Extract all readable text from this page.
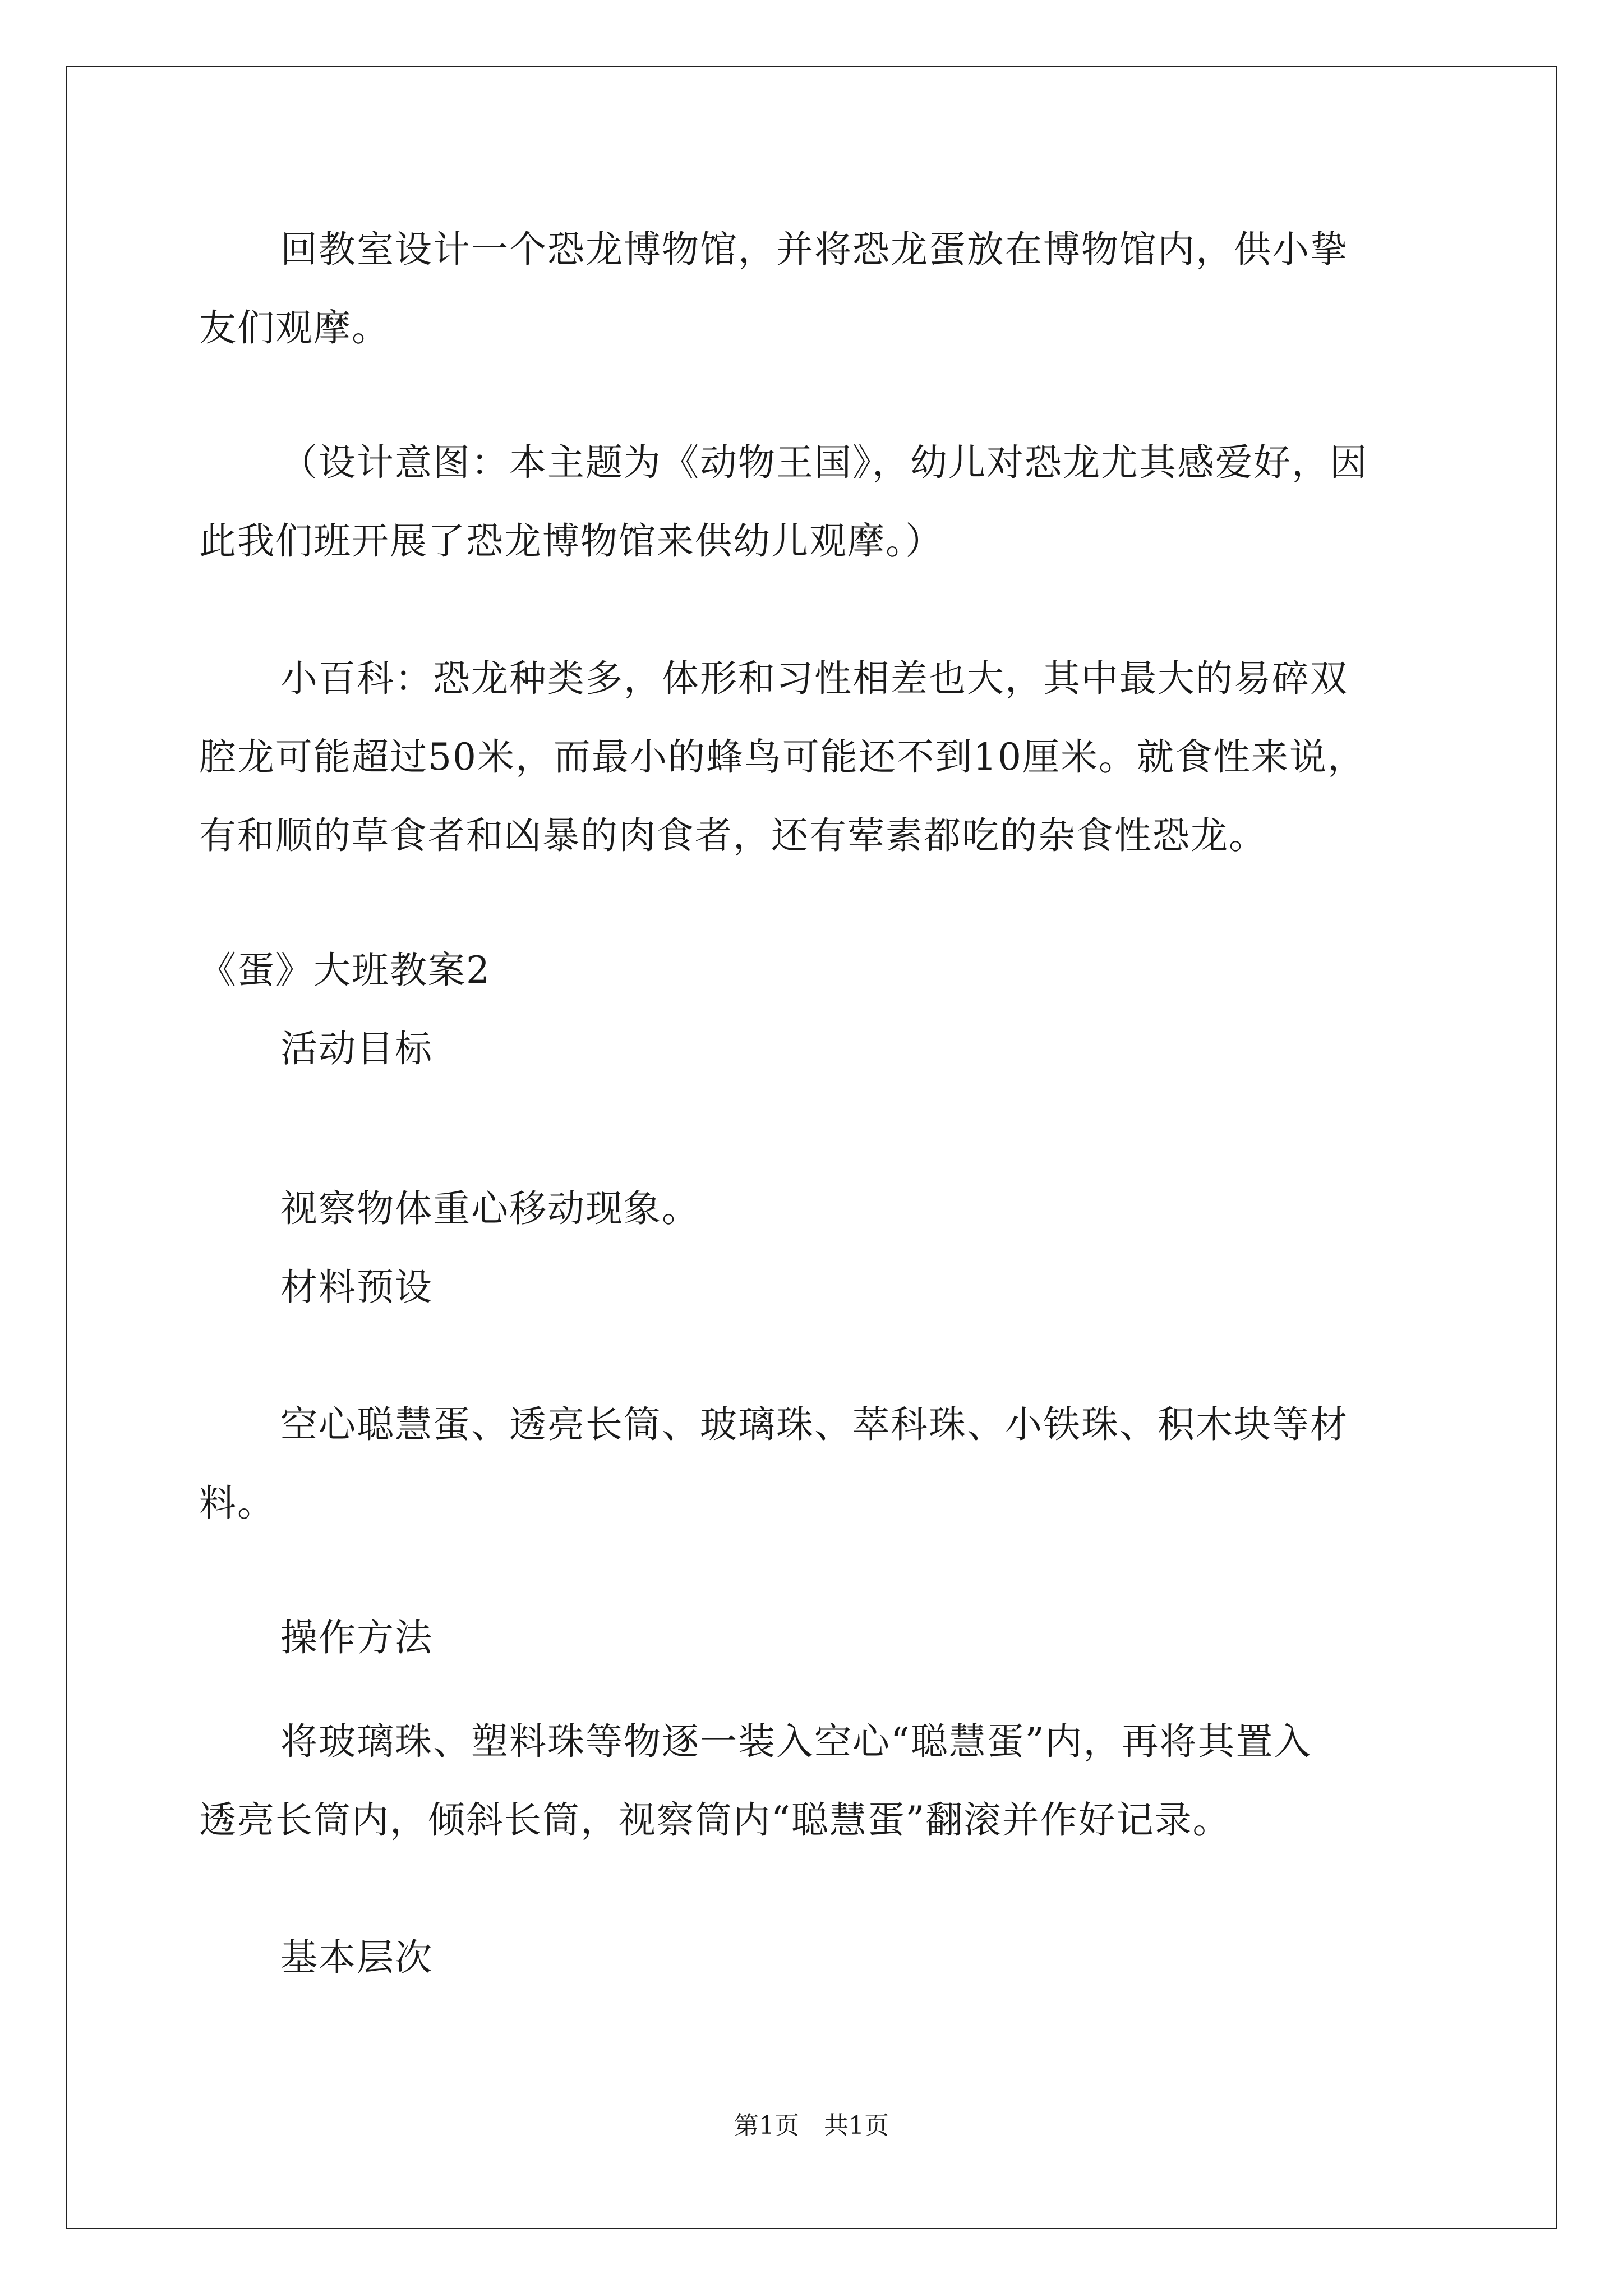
回教室设计一个恐龙博物馆，并将恐龙蛋放在博物馆内，供小挚
友们观摩。
（设计意图：本主题为《动物王国》，幼儿对恐龙尤其感爱好，因
此我们班开展了恐龙博物馆来供幼儿观摩。）
小百科：恐龙种类多，体形和习性相差也大，其中最大的易碎双
腔龙可能超过50米，而最小的蜂鸟可能还不到10厘米。就食性来说，
有和顺的草食者和凶暴的肉食者，还有荤素都吃的杂食性恐龙。
《蛋》大班教案2
活动目标
视察物体重心移动现象。
材料预设
空心聪慧蛋、透亮长筒、玻璃珠、萃科珠、小铁珠、积木块等材
料。
操作方法
将玻璃珠、塑料珠等物逐一装入空心“聪慧蛋”内，再将其置入
透亮长筒内，倾斜长筒，视察筒内“聪慧蛋”翻滚并作好记录。
基本层次
第1页　共1页
